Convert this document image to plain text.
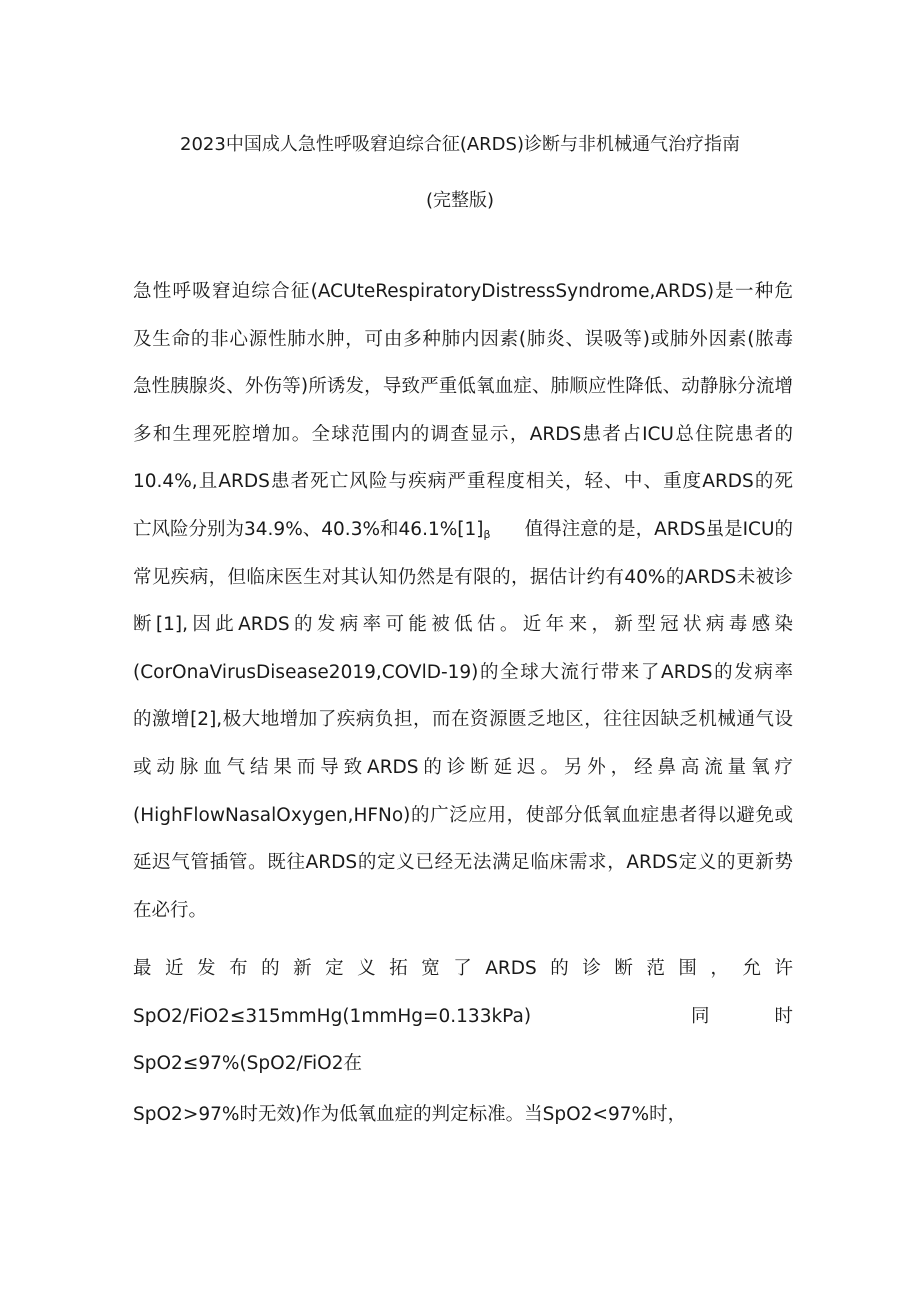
2023中国成人急性呼吸窘迫综合征(ARDS)诊断与非机械通气治疗指南
(完整版)
急性呼吸窘迫综合征(ACUteRespiratoryDistressSyndrome,ARDS)是一种危
及生命的非心源性肺水肿，可由多种肺内因素(肺炎、误吸等)或肺外因素(脓毒
急性胰腺炎、外伤等)所诱发，导致严重低氧血症、肺顺应性降低、动静脉分流增
多和生理死腔增加。全球范围内的调查显示，ARDS患者占ICU总住院患者的
10.4%,且ARDS患者死亡风险与疾病严重程度相关，轻、中、重度ARDS的死
亡风险分别为34.9%、40.3%和$46.1\%[1]_\beta$ 值得注意的是，ARDS虽是ICU的
常见疾病，但临床医生对其认知仍然是有限的，据估计约有40%的ARDS未被诊
断[1],因此ARDS的发病率可能被低估。近年来，新型冠状病毒感染
(CorOnaVirusDisease2019,COVlD-19)的全球大流行带来了ARDS的发病率
的激增[2],极大地增加了疾病负担，而在资源匮乏地区，往往因缺乏机械通气设
或动脉血气结果而导致ARDS的诊断延迟。另外，经鼻高流量氧疗
(HighFlowNasalOxygen,HFNo)的广泛应用，使部分低氧血症患者得以避免或
延迟气管插管。既往ARDS的定义已经无法满足临床需求，ARDS定义的更新势
在必行。
最近发布的新定义拓宽了ARDS的诊断范围，允许
SpO2∕FiO2≤315mmHg(1mmHg=0.133kPa)	同	时
SpO2≤97%(SpO2∕FiO2在
SpO2>97%时无效)作为低氧血症的判定标准。当SpO2<97%时，
